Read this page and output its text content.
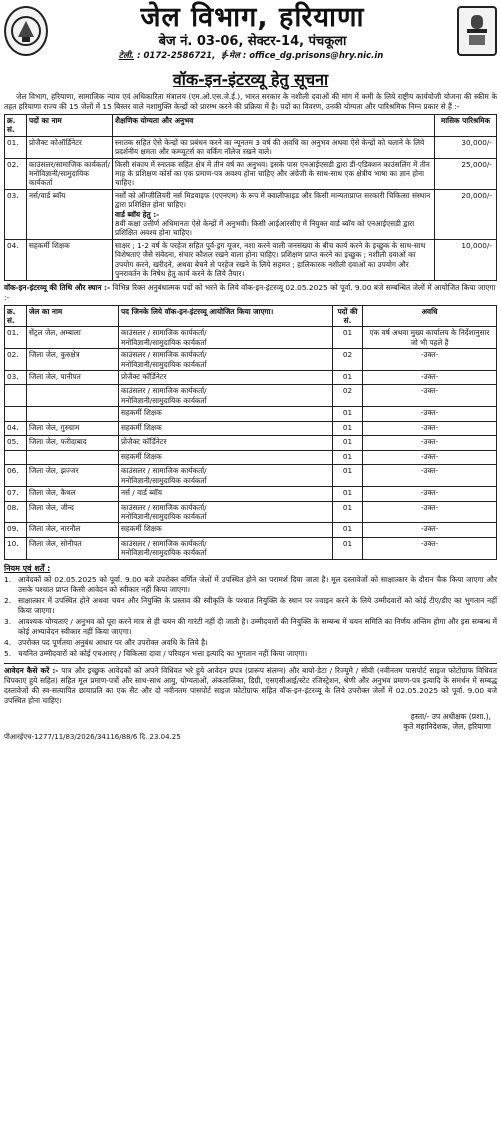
जेल विभाग, हरियाणा
बेज नं. 03-06, सेक्टर-14, पंचकूला
टेली. : 0172-2586721, ई-मेल : office_dg.prisons@hry.nic.in
वॉक-इन-इंटरव्यू हेतु सूचना
जेल विभाग, हरियाणा, सामाजिक न्याय एवं अधिकारिता मंत्रालय (एम.ओ.एस.जे.ई.), भारत सरकार के नशीली दवाओं की मांग में कमी के लिये राष्ट्रीय कार्ययोजी योजना की स्कीम के तहत हरियाणा राज्य की 15 जेलों में 15 बिस्तर वाले नशामुक्ति केन्द्रों को प्रारम्भ करने की प्रक्रिया में है। पदों का विवरण, उनकी योग्यता और पारिश्रमिक निम्न प्रकार से हैं :-
क्र. सं.	पदों का नाम	शैक्षणिक योग्यता और अनुभव	मासिक पारिश्रमिक
01.	प्रोजैक्ट कोऑर्डिनेटर	स्नातक सहित ऐसे केन्द्रों का प्रबंधन करने का न्यूनतम 3 वर्ष की अवधि का अनुभव अथवा ऐसे केन्द्रों को चलाने के लिये प्रदर्शनीय क्षमता और कम्प्यूटर्स का वर्किंग नॉलेज रखने वाले।	30,000/-
02.	काउंसलर/सामाजिक कार्यकर्ता/मनोविज्ञानी/सामुदायिक कार्यकर्ता	किसी संकाय में स्नातक सहित क्षेत्र में तीन वर्ष का अनुभव। इसके पास एनआईएसडी द्वारा डी-एडिक्शन काउंसलिंग में तीन माह के प्रशिक्षण कोर्स का एक प्रमाण-पत्र अवश्य होना चाहिए और अंग्रेजी के साथ-साथ एक क्षेत्रीय भाषा का ज्ञान होना चाहिए।	25,000/-
03.	नर्स/वार्ड ब्वॉय	नर्सों को ऑग्जीलियरी नर्स मिडवाइफ (एएनएम) के रूप में क्वालीफाइड और किसी मान्यताप्राप्त सरकारी चिकित्सा संस्थान द्वारा प्रशिक्षित होना चाहिए।
वार्ड ब्वॉय हेतु :-
8वीं कक्षा उत्तीर्ण अधिमानतः ऐसे केन्द्रों में अनुभवी। किसी आईआरसीए में नियुक्त वार्ड ब्वॉय को एनआईएसडी द्वारा प्रशिक्षित अवश्य होना चाहिए।	20,000/-
04.	सहकर्मी शिक्षक	साक्षर ; 1-2 वर्ष के परहेज सहित पूर्व-ड्रग यूजर, नशा करने वाली जनसंख्या के बीच कार्य करने के इच्छुक के साथ-साथ विशेषताएं जैसे संवेदना, संचार कौशल रखने वाला होना चाहिए। प्रशिक्षण प्राप्त करने का इच्छुक ; नशीली दवाओं का उपयोग करने, खरीदने, अथवा बेचने से परहेज रखने के लिये सहमत ; हालिकारक नशीली दवाओं का उपयोग और पुनरावर्तन के निषेध हेतु कार्य करने के लिये तैयार।	10,000/-
वॉक-इन-इंटरव्यू की तिथि और स्थान :- विभिन्न रिक्त अनुबंधात्मक पदों को भरने के लिये वॉक-इन-इंटरव्यू 02.05.2025 को पूर्वा. 9.00 बजे सम्बन्धित जेलों में आयोजित किया जाएगा :-
क्र. सं.	जेल का नाम	पद जिनके लिये वॉक-इन-इंटरव्यू आयोजित किया जाएगा।	पदों की सं.	अवधि
01.	सेंट्रल जेल, अम्बाला	काउंसलर / सामाजिक कार्यकर्ता/
मनोविज्ञानी/सामुदायिक कार्यकर्ता	01	एक वर्ष अथवा मुख्य कार्यालय के निर्देशानुसार जो भी पहले है
02.	जिला जेल, कुरुक्षेत्र	काउंसलर / सामाजिक कार्यकर्ता/
मनोविज्ञानी/सामुदायिक कार्यकर्ता	02	-उक्त-
03.	जिला जेल, पानीपत	प्रोजैक्ट कॉर्डिनेटर	01	-उक्त-

		काउंसलर / सामाजिक कार्यकर्ता/
मनोविज्ञानी/सामुदायिक कार्यकर्ता	02	-उक्त-

		सहकर्मी शिक्षक	01	-उक्त-
04.	जिला जेल, गुरुग्राम	सहकर्मी शिक्षक	01	-उक्त-
05.	जिला जेल, फरीदाबाद	प्रोजैक्ट कॉर्डिनेटर	01	-उक्त-

		सहकर्मी शिक्षक	01	-उक्त-
06.	जिला जेल, झज्जर	काउंसलर / सामाजिक कार्यकर्ता/
मनोविज्ञानी/सामुदायिक कार्यकर्ता	01	-उक्त-
07.	जिला जेल, कैथल	नर्स / वार्ड ब्वॉय	01	-उक्त-
08.	जिला जेल, जीन्द	काउंसलर / सामाजिक कार्यकर्ता/
मनोविज्ञानी/सामुदायिक कार्यकर्ता	01	-उक्त-
09.	जिला जेल, नारनौल	सहकर्मी शिक्षक	01	-उक्त-
10.	जिला जेल, सोनीपत	काउंसलर / सामाजिक कार्यकर्ता/
मनोविज्ञानी/सामुदायिक कार्यकर्ता	01	-उक्त-
नियम एवं शर्तें :
1. आवेदकों को 02.05.2025 को पूर्वा. 9.00 बजे उपरोक्त वर्णित जेलों में उपस्थित होने का परामर्श दिया जाता है। मूल दस्तावेजों को साक्षात्कार के दौरान चैक किया जाएगा और उसके पश्चात प्राप्त किसी आवेदन को स्वीकार नहीं किया जाएगा।
2. साक्षात्कार में उपस्थित होने अथवा चयन और नियुक्ति के प्रस्ताव की स्वीकृति के पश्चात नियुक्ति के स्थान पर ज्वाइन करने के लिये उम्मीदवारों को कोई टीए/डीए का भुगतान नहीं किया जाएगा।
3. आवश्यक योग्यताएं / अनुभव को पूरा करने मात्र से ही चयन की गारंटी नहीं दी जाती है। उम्मीदवारों की नियुक्ति के सम्बन्ध में चयन समिति का निर्णय अन्तिम होगा और इस सम्बन्ध में कोई अभ्यावेदन स्वीकार नहीं किया जाएगा।
4. उपरोक्त पद पूर्णतया अनुबंध आधार पर और उपरोक्त अवधि के लिये है।
5. चयनित उम्मीदवारों को कोई एचआरए / चिकित्सा दावा / परिवहन भत्ता इत्यादि का भुगतान नहीं किया जाएगा।
आवेदन कैसे करें :- पात्र और इच्छुक आवेदकों को अपने विधिवत भरे हुये आवेदन प्रपत्र (प्रारूप संलग्न) और बायो-डेटा / रिज्यूमे / सीवी (नवीनतम पासपोर्ट साइज फोटोग्राफ विधिवत चिपकाए हुये सहित) सहित मूल प्रमाण-पत्रों और साथ-साथ आयु, योग्यताओं, अंकतालिका, डिग्री, एसएसीआई/स्टेट रजिस्ट्रेशन, श्रेणी और अनुभव प्रमाण-पत्र इत्यादि के समर्थन में सम्बद्ध दस्तावेजों की स्व-सत्यापित छायाप्रति का एक सैट और दो नवीनतम पासपोर्ट साइज फोटोग्राफ सहित वॉक-इन-इंटरव्यू के लिये उपरोक्त जेलों में 02.05.2025 को पूर्वा. 9.00 बजे उपस्थित होना चाहिए।
हस्ता/- उप अधीक्षक (प्रशा.),
कृते महानिदेशक, जेल, हरियाणा
पीआरईएच-1277/11/83/2026/34116/88/6 दि. 23.04.25
